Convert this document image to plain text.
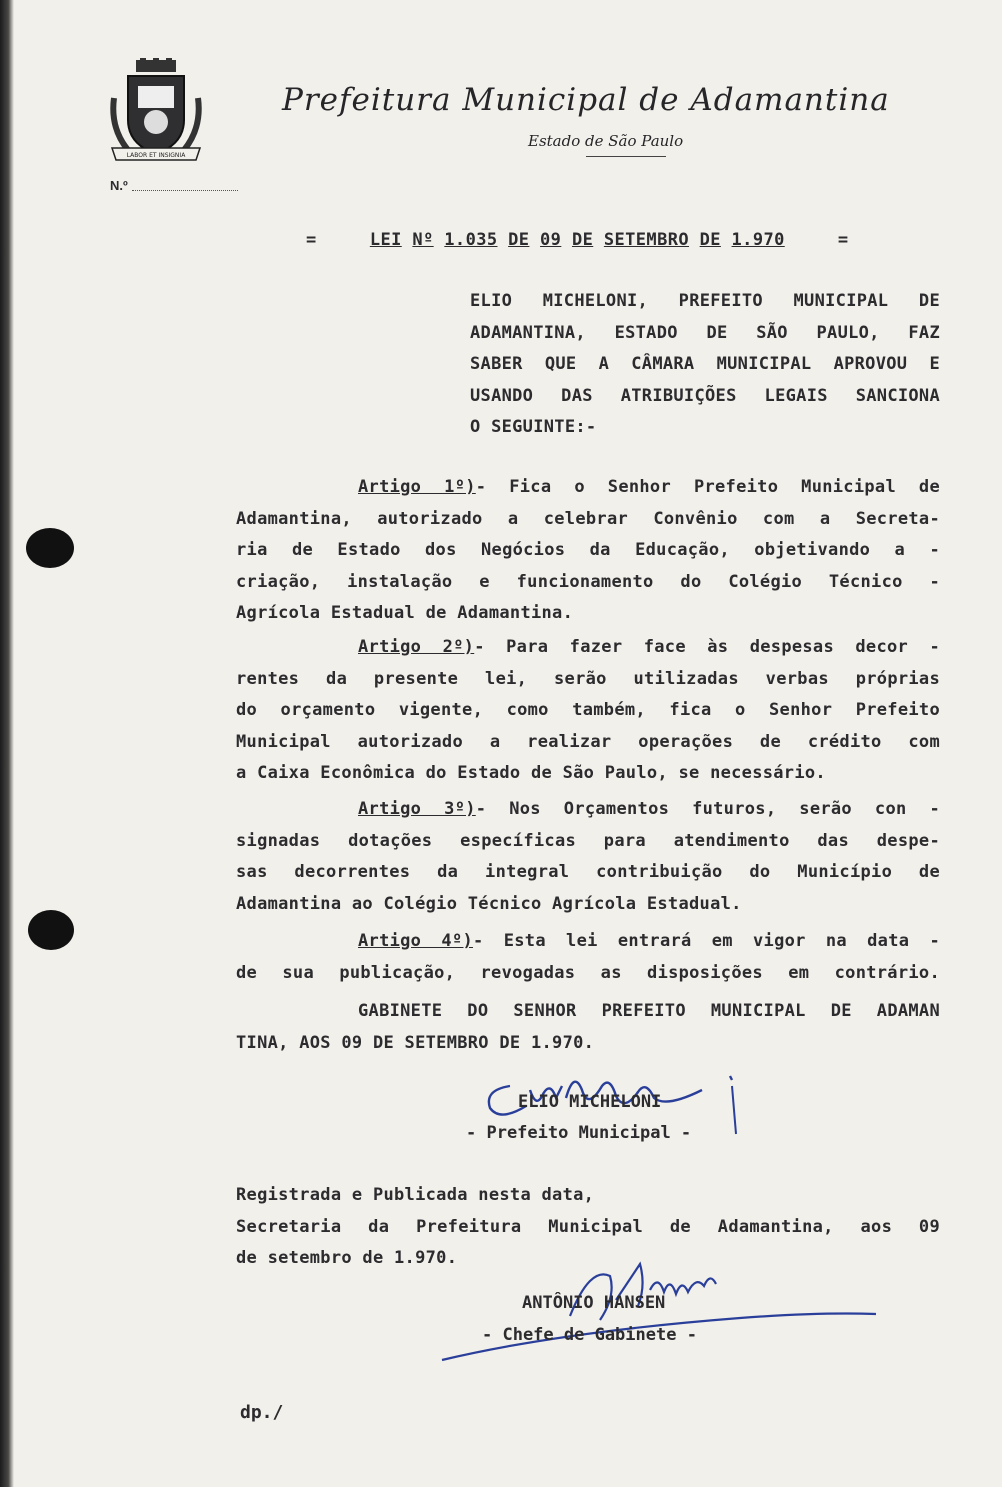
LABOR ET INSIGNIA
Prefeitura Municipal de Adamantina
Estado de São Paulo
N.º
=	LEI Nº 1.035 DE 09 DE SETEMBRO DE 1.970	=
ELIO MICHELONI, PREFEITO MUNICIPAL DE
ADAMANTINA, ESTADO DE SÃO PAULO, FAZ
SABER QUE A CÂMARA MUNICIPAL APROVOU E
USANDO DAS ATRIBUIÇÕES LEGAIS SANCIONA
O SEGUINTE:-
Artigo 1º)- Fica o Senhor Prefeito Municipal de
Adamantina, autorizado a celebrar Convênio com a Secreta-
ria de Estado dos Negócios da Educação, objetivando a -
criação, instalação e funcionamento do Colégio Técnico -
Agrícola Estadual de Adamantina.
Artigo 2º)- Para fazer face às despesas decor -
rentes da presente lei, serão utilizadas verbas próprias
do orçamento vigente, como também, fica o Senhor Prefeito
Municipal autorizado a realizar operações de crédito com
a Caixa Econômica do Estado de São Paulo, se necessário.
Artigo 3º)- Nos Orçamentos futuros, serão con -
signadas dotações específicas para atendimento das despe-
sas decorrentes da integral contribuição do Município de
Adamantina ao Colégio Técnico Agrícola Estadual.
Artigo 4º)- Esta lei entrará em vigor na data -
de sua publicação, revogadas as disposições em contrário.
GABINETE DO SENHOR PREFEITO MUNICIPAL DE ADAMAN
TINA, AOS 09 DE SETEMBRO DE 1.970.
ELIO MICHELONI
- Prefeito Municipal -
Registrada e Publicada nesta data,
Secretaria da Prefeitura Municipal de Adamantina, aos 09
de setembro de 1.970.
ANTÔNIO HANSEN
- Chefe de Gabinete -
dp./
